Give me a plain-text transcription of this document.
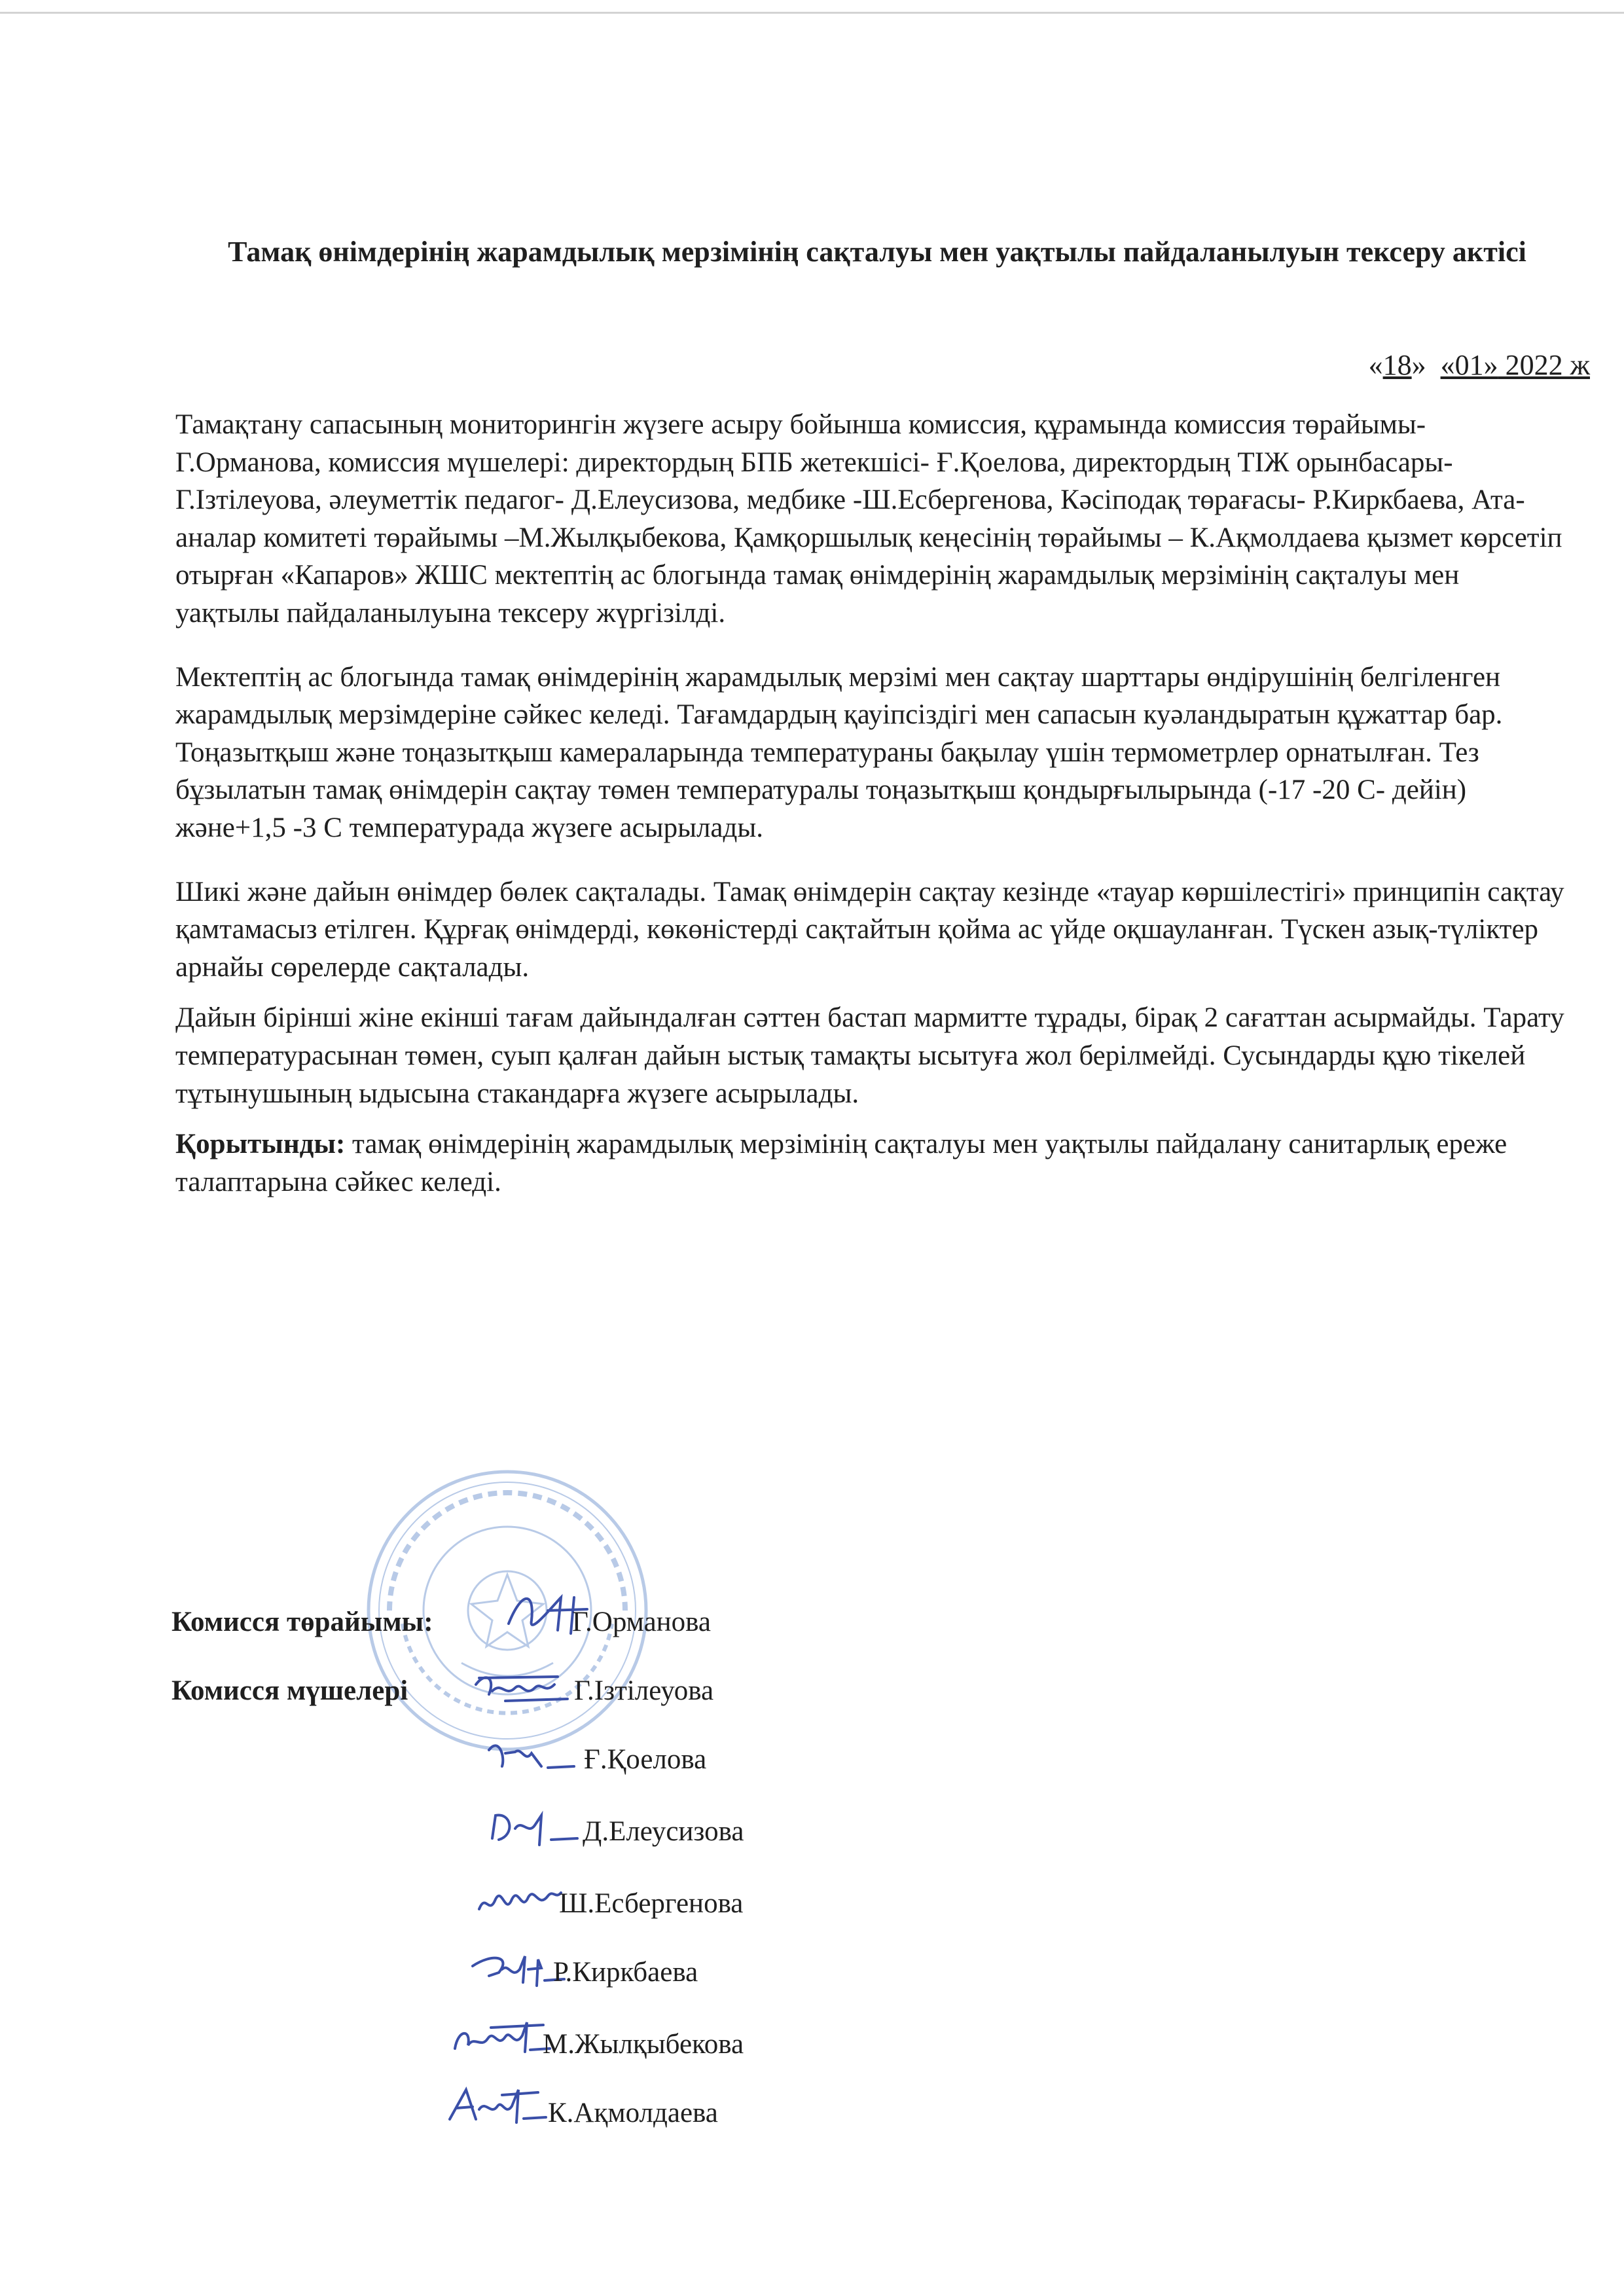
Тамақ өнімдерінің жарамдылық мерзімінің сақталуы мен уақтылы пайдаланылуын тексеру актісі
«18»  «01» 2022 ж

Тамақтану сапасының мониторингін жүзеге асыру бойынша комиссия, құрамында комиссия төрайымы- Г.Орманова, комиссия мүшелері: директордың БПБ жетекшісі- Ғ.Қоелова, директордың ТІЖ орынбасары- Г.Ізтілеуова, әлеуметтік педагог- Д.Елеусизова, медбике -Ш.Есбергенова, Кәсіподақ төрағасы- Р.Киркбаева, Ата-аналар комитеті төрайымы –М.Жылқыбекова, Қамқоршылық кеңесінің төрайымы – К.Ақмолдаева қызмет көрсетіп отырған «Капаров» ЖШС мектептің ас блогында тамақ өнімдерінің жарамдылық мерзімінің сақталуы мен уақтылы пайдаланылуына тексеру жүргізілді.

Мектептің ас блогында тамақ өнімдерінің жарамдылық мерзімі мен сақтау шарттары өндірушінің белгіленген жарамдылық мерзімдеріне сәйкес келеді. Тағамдардың қауіпсіздігі мен сапасын куәландыратын құжаттар бар. Тоңазытқыш және тоңазытқыш камераларында температураны бақылау үшін термометрлер орнатылған. Тез бұзылатын тамақ өнімдерін сақтау төмен температуралы тоңазытқыш қондырғылырында (-17 -20 С- дейін) және+1,5 -3 С температурада жүзеге асырылады.

Шикі және дайын өнімдер бөлек сақталады. Тамақ өнімдерін сақтау кезінде «тауар көршілестігі» принципін сақтау қамтамасыз етілген. Құрғақ өнімдерді, көкөністерді сақтайтын қойма ас үйде оқшауланған. Түскен азық-түліктер арнайы сөрелерде сақталады.

Дайын бірінші жіне екінші тағам дайындалған сәттен бастап мармитте тұрады, бірақ 2 сағаттан асырмайды. Тарату температурасынан төмен, суып қалған дайын ыстық тамақты ысытуға жол берілмейді. Сусындарды құю тікелей тұтынушының ыдысына стакандарға жүзеге асырылады.

Қорытынды: тамақ өнімдерінің жарамдылық мерзімінің сақталуы мен уақтылы пайдалану санитарлық ереже талаптарына сәйкес келеді.

Комисся төрайымы:	Г.Орманова
Комисся мүшелері	Г.Ізтілеуова
Ғ.Қоелова
Д.Елеусизова
Ш.Есбергенова
Р.Киркбаева
М.Жылқыбекова
К.Ақмолдаева
